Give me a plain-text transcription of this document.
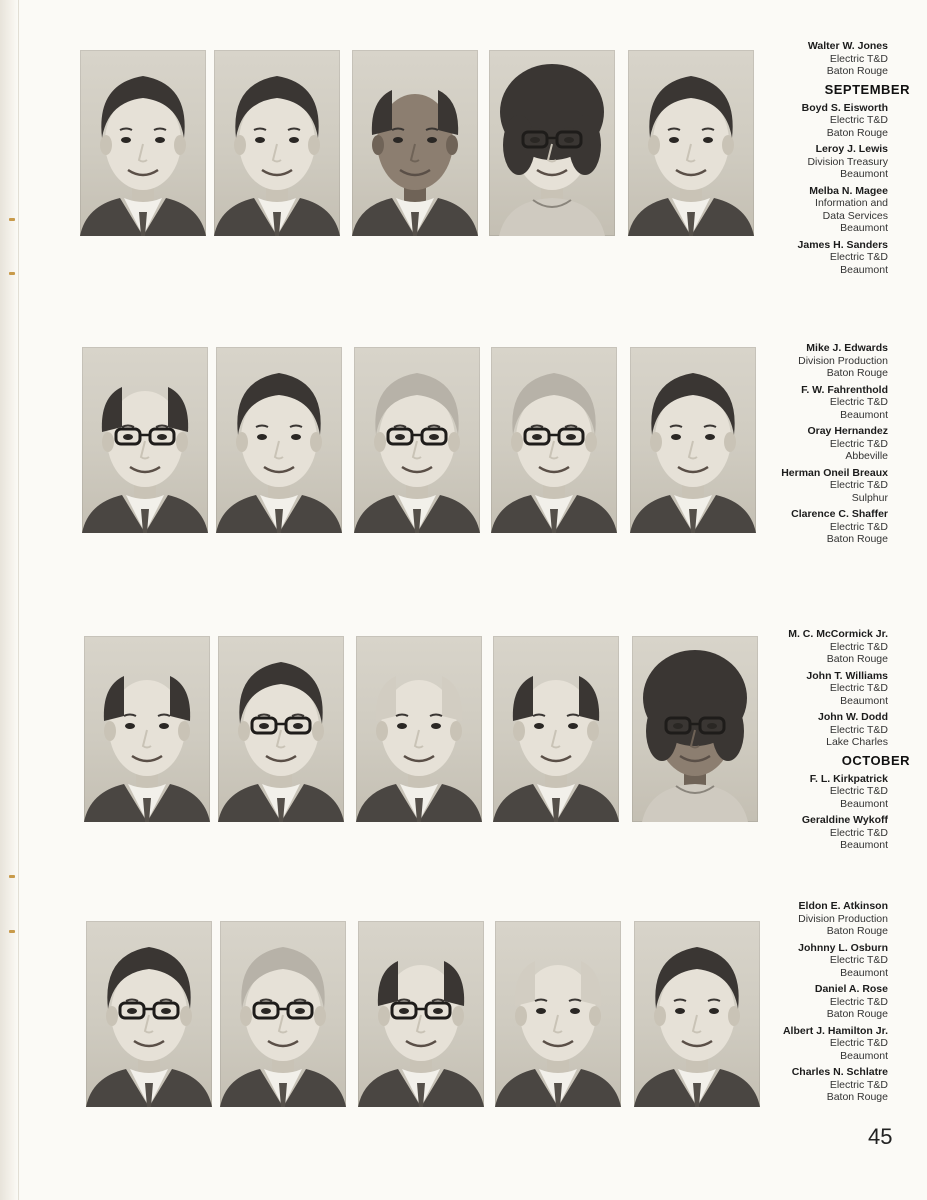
Walter W. Jones
Electric T&D
Baton Rouge
SEPTEMBER
Boyd S. Eisworth
Electric T&D
Baton Rouge
Leroy J. Lewis
Division Treasury
Beaumont
Melba N. Magee
Information and
Data Services
Beaumont
James H. Sanders
Electric T&D
Beaumont
Mike J. Edwards
Division Production
Baton Rouge
F. W. Fahrenthold
Electric T&D
Beaumont
Oray Hernandez
Electric T&D
Abbeville
Herman Oneil Breaux
Electric T&D
Sulphur
Clarence C. Shaffer
Electric T&D
Baton Rouge
M. C. McCormick Jr.
Electric T&D
Baton Rouge
John T. Williams
Electric T&D
Beaumont
John W. Dodd
Electric T&D
Lake Charles
OCTOBER
F. L. Kirkpatrick
Electric T&D
Beaumont
Geraldine Wykoff
Electric T&D
Beaumont
Eldon E. Atkinson
Division Production
Baton Rouge
Johnny L. Osburn
Electric T&D
Beaumont
Daniel A. Rose
Electric T&D
Baton Rouge
Albert J. Hamilton Jr.
Electric T&D
Beaumont
Charles N. Schlatre
Electric T&D
Baton Rouge
45
